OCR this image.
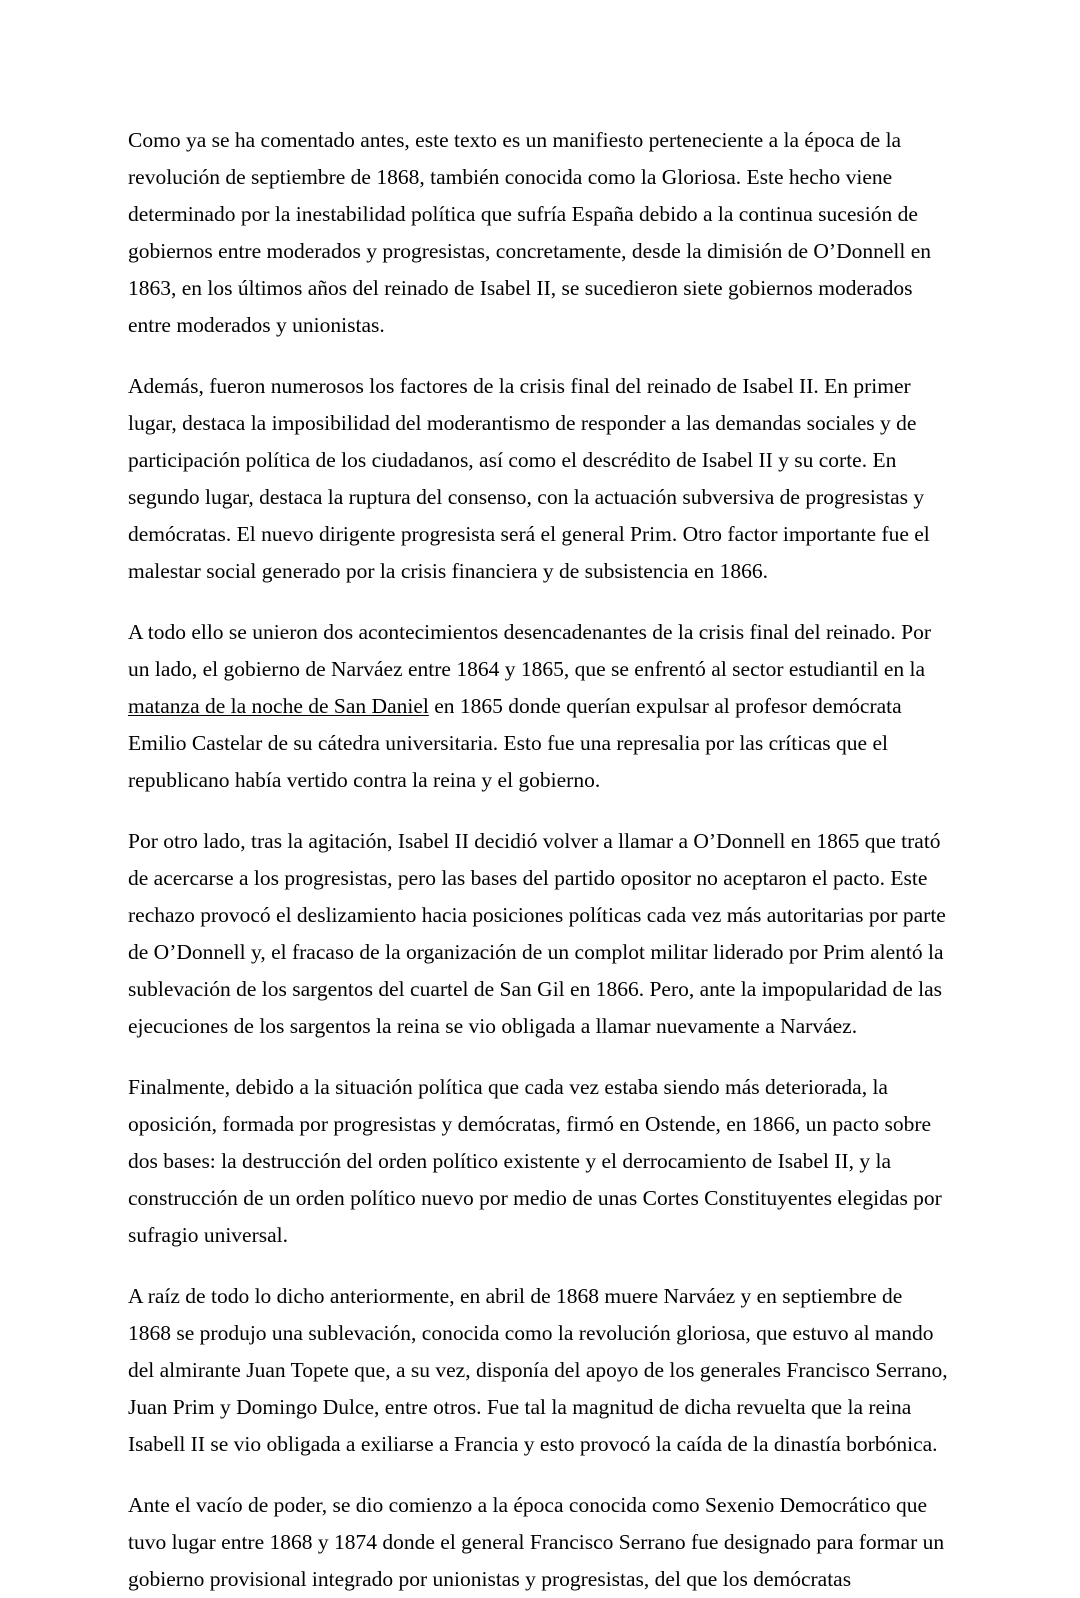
Como ya se ha comentado antes, este texto es un manifiesto perteneciente a la época de la revolución de septiembre de 1868, también conocida como la Gloriosa. Este hecho viene determinado por la inestabilidad política que sufría España debido a la continua sucesión de gobiernos entre moderados y progresistas, concretamente, desde la dimisión de O’Donnell en 1863, en los últimos años del reinado de Isabel II, se sucedieron siete gobiernos moderados entre moderados y unionistas.

Además, fueron numerosos los factores de la crisis final del reinado de Isabel II. En primer lugar, destaca la imposibilidad del moderantismo de responder a las demandas sociales y de participación política de los ciudadanos, así como el descrédito de Isabel II y su corte. En segundo lugar, destaca la ruptura del consenso, con la actuación subversiva de progresistas y demócratas. El nuevo dirigente progresista será el general Prim. Otro factor importante fue el malestar social generado por la crisis financiera y de subsistencia en 1866.

A todo ello se unieron dos acontecimientos desencadenantes de la crisis final del reinado. Por un lado, el gobierno de Narváez entre 1864 y 1865, que se enfrentó al sector estudiantil en la matanza de la noche de San Daniel en 1865 donde querían expulsar al profesor demócrata Emilio Castelar de su cátedra universitaria. Esto fue una represalia por las críticas que el republicano había vertido contra la reina y el gobierno.

Por otro lado, tras la agitación, Isabel II decidió volver a llamar a O’Donnell en 1865 que trató de acercarse a los progresistas, pero las bases del partido opositor no aceptaron el pacto. Este rechazo provocó el deslizamiento hacia posiciones políticas cada vez más autoritarias por parte de O’Donnell y, el fracaso de la organización de un complot militar liderado por Prim alentó la sublevación de los sargentos del cuartel de San Gil en 1866. Pero, ante la impopularidad de las ejecuciones de los sargentos la reina se vio obligada a llamar nuevamente a Narváez.

Finalmente, debido a la situación política que cada vez estaba siendo más deteriorada, la oposición, formada por progresistas y demócratas, firmó en Ostende, en 1866, un pacto sobre dos bases: la destrucción del orden político existente y el derrocamiento de Isabel II, y la construcción de un orden político nuevo por medio de unas Cortes Constituyentes elegidas por sufragio universal.

A raíz de todo lo dicho anteriormente, en abril de 1868 muere Narváez y en septiembre de 1868 se produjo una sublevación, conocida como la revolución gloriosa, que estuvo al mando del almirante Juan Topete que, a su vez, disponía del apoyo de los generales Francisco Serrano, Juan Prim y Domingo Dulce, entre otros. Fue tal la magnitud de dicha revuelta que la reina Isabell II se vio obligada a exiliarse a Francia y esto provocó la caída de la dinastía borbónica.

Ante el vacío de poder, se dio comienzo a la época conocida como Sexenio Democrático que tuvo lugar entre 1868 y 1874 donde el general Francisco Serrano fue designado para formar un gobierno provisional integrado por unionistas y progresistas, del que los demócratas
